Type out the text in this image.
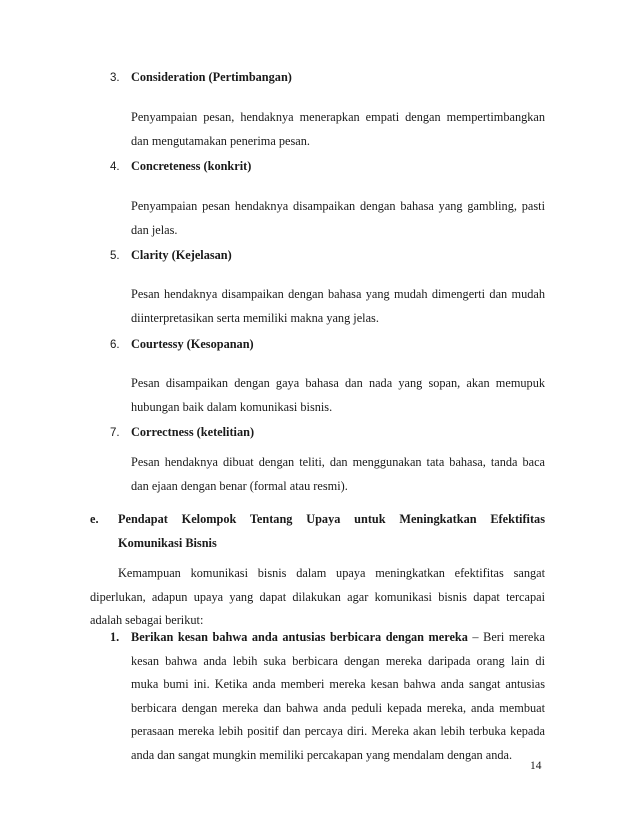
3. Consideration (Pertimbangan)
Penyampaian pesan, hendaknya menerapkan empati dengan mempertimbangkan
dan mengutamakan penerima pesan.
4. Concreteness (konkrit)
Penyampaian pesan hendaknya disampaikan dengan bahasa yang gambling, pasti
dan jelas.
5. Clarity (Kejelasan)
Pesan hendaknya disampaikan dengan bahasa yang mudah dimengerti dan mudah
diinterpretasikan serta memiliki makna yang jelas.
6. Courtessy (Kesopanan)
Pesan disampaikan dengan gaya bahasa dan nada yang sopan, akan memupuk
hubungan baik dalam komunikasi bisnis.
7. Correctness (ketelitian)
Pesan hendaknya dibuat dengan teliti, dan menggunakan tata bahasa, tanda baca
dan ejaan dengan benar (formal atau resmi).
e. Pendapat Kelompok Tentang Upaya untuk Meningkatkan Efektifitas
Komunikasi Bisnis
Kemampuan komunikasi bisnis dalam upaya meningkatkan efektifitas sangat
diperlukan, adapun upaya yang dapat dilakukan agar komunikasi bisnis dapat tercapai
adalah sebagai berikut:
1. Berikan kesan bahwa anda antusias berbicara dengan mereka – Beri mereka
kesan bahwa anda lebih suka berbicara dengan mereka daripada orang lain di
muka bumi ini. Ketika anda memberi mereka kesan bahwa anda sangat antusias
berbicara dengan mereka dan bahwa anda peduli kepada mereka, anda membuat
perasaan mereka lebih positif dan percaya diri. Mereka akan lebih terbuka kepada
anda dan sangat mungkin memiliki percakapan yang mendalam dengan anda.
14
